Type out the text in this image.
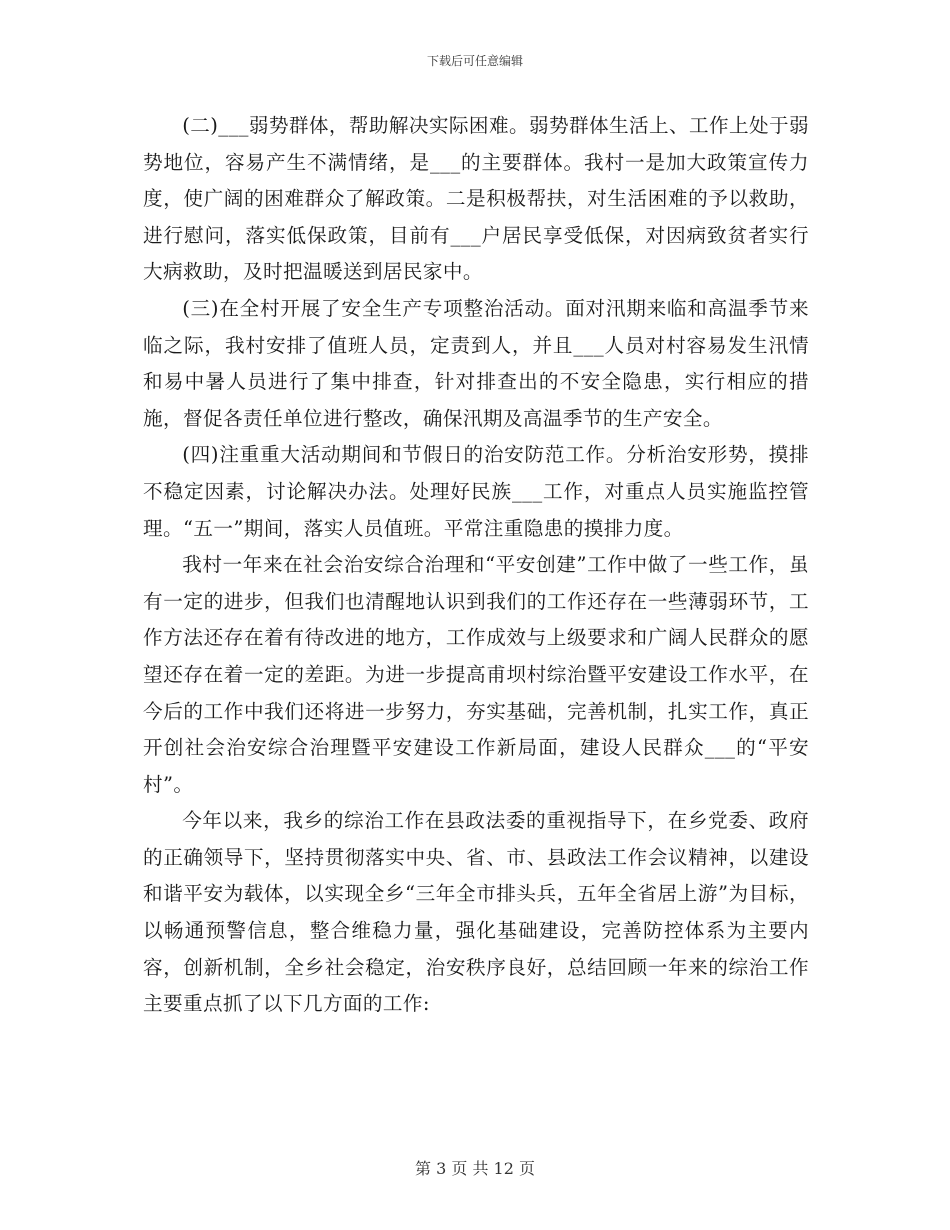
下载后可任意编辑

(二)___弱势群体，帮助解决实际困难。弱势群体生活上、工作上处于弱势地位，容易产生不满情绪，是___的主要群体。我村一是加大政策宣传力度，使广阔的困难群众了解政策。二是积极帮扶，对生活困难的予以救助，进行慰问，落实低保政策，目前有___户居民享受低保，对因病致贫者实行大病救助，及时把温暖送到居民家中。

(三)在全村开展了安全生产专项整治活动。面对汛期来临和高温季节来临之际，我村安排了值班人员，定责到人，并且___人员对村容易发生汛情和易中暑人员进行了集中排查，针对排查出的不安全隐患，实行相应的措施，督促各责任单位进行整改，确保汛期及高温季节的生产安全。

(四)注重重大活动期间和节假日的治安防范工作。分析治安形势，摸排不稳定因素，讨论解决办法。处理好民族___工作，对重点人员实施监控管理。“五一”期间，落实人员值班。平常注重隐患的摸排力度。

我村一年来在社会治安综合治理和“平安创建”工作中做了一些工作，虽有一定的进步，但我们也清醒地认识到我们的工作还存在一些薄弱环节，工作方法还存在着有待改进的地方，工作成效与上级要求和广阔人民群众的愿望还存在着一定的差距。为进一步提高甫坝村综治暨平安建设工作水平，在今后的工作中我们还将进一步努力，夯实基础，完善机制，扎实工作，真正开创社会治安综合治理暨平安建设工作新局面，建设人民群众___的“平安村”。

今年以来，我乡的综治工作在县政法委的重视指导下，在乡党委、政府的正确领导下，坚持贯彻落实中央、省、市、县政法工作会议精神，以建设和谐平安为载体，以实现全乡“三年全市排头兵，五年全省居上游”为目标，以畅通预警信息，整合维稳力量，强化基础建设，完善防控体系为主要内容，创新机制，全乡社会稳定，治安秩序良好，总结回顾一年来的综治工作主要重点抓了以下几方面的工作:

第 3 页 共 12 页
